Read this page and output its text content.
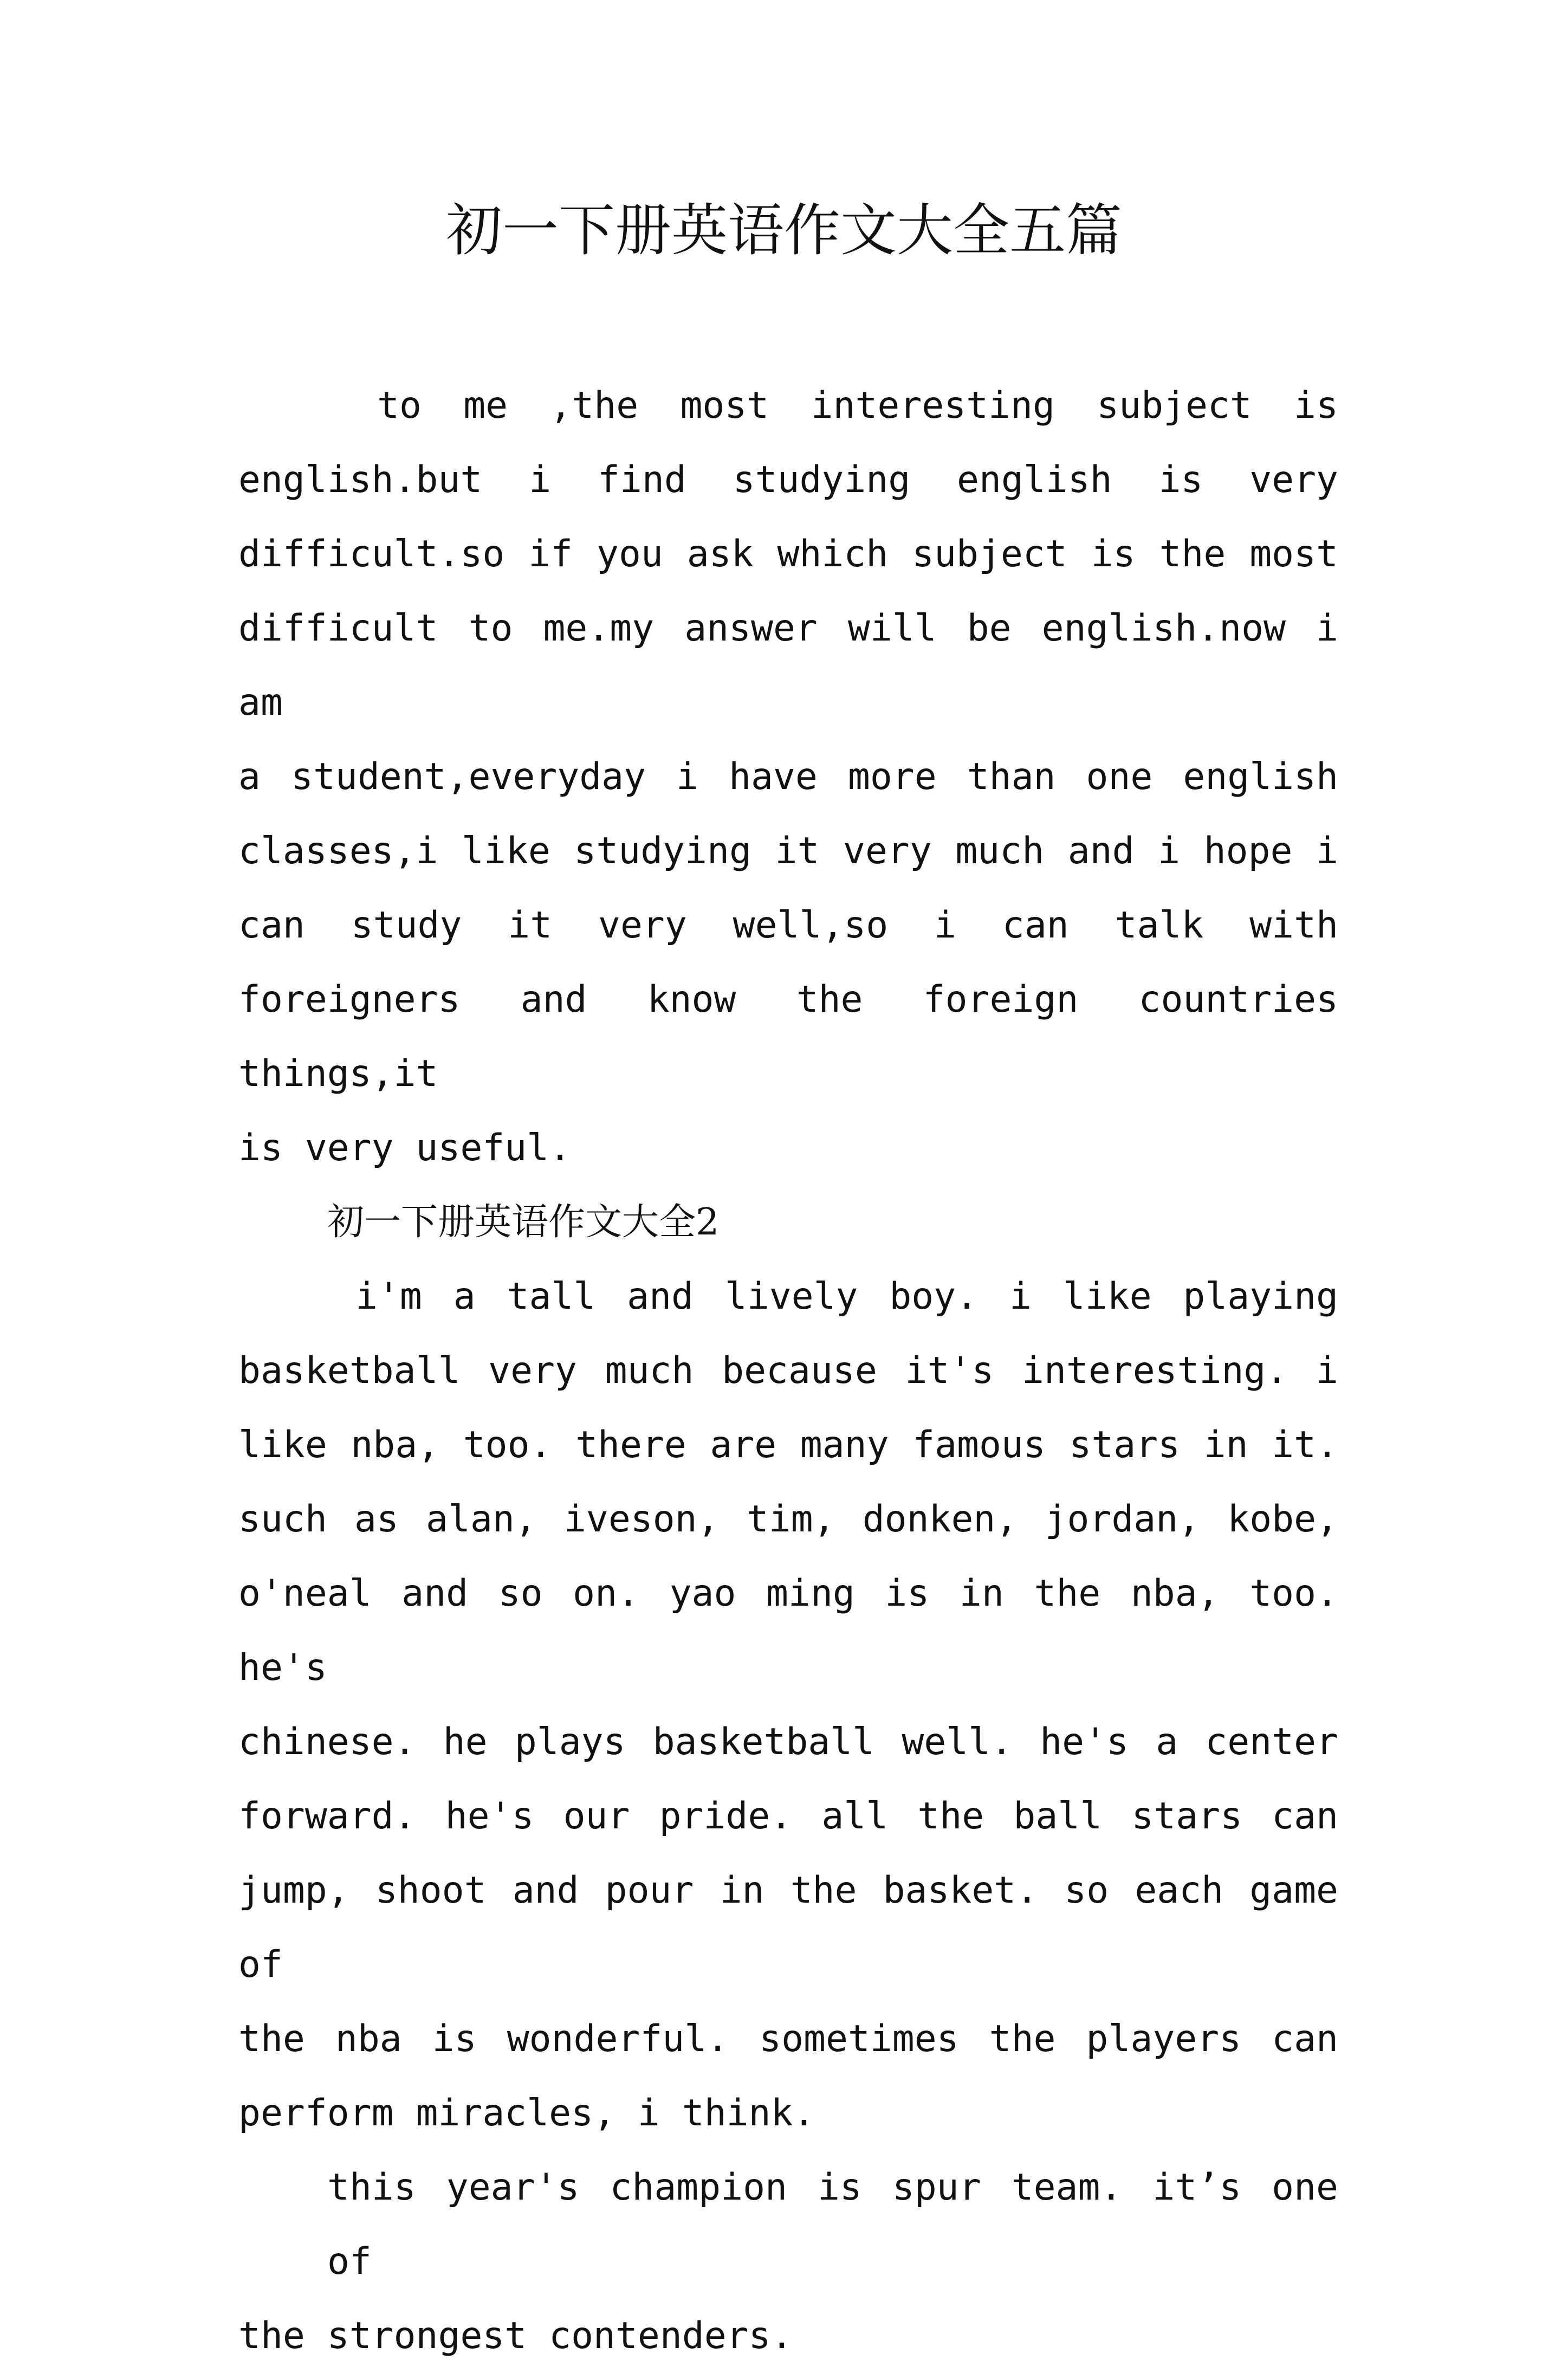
初一下册英语作文大全五篇
to me ,the most interesting subject is
english.but i find studying english is very
difficult.so if you ask which subject is the most
difficult to me.my answer will be english.now i am
a student,everyday i have more than one english
classes,i like studying it very much and i hope i
can study it very well,so i can talk with
foreigners and know the foreign countries things,it
is very useful.
初一下册英语作文大全2
i'm a tall and lively boy. i like playing
basketball very much because it's interesting. i
like nba, too. there are many famous stars in it.
such as alan, iveson, tim, donken, jordan, kobe,
o'neal and so on. yao ming is in the nba, too. he's
chinese. he plays basketball well. he's a center
forward. he's our pride. all the ball stars can
jump, shoot and pour in the basket. so each game of
the nba is wonderful. sometimes the players can
perform miracles, i think.
this year's champion is spur team. it’s one of
the strongest contenders.
